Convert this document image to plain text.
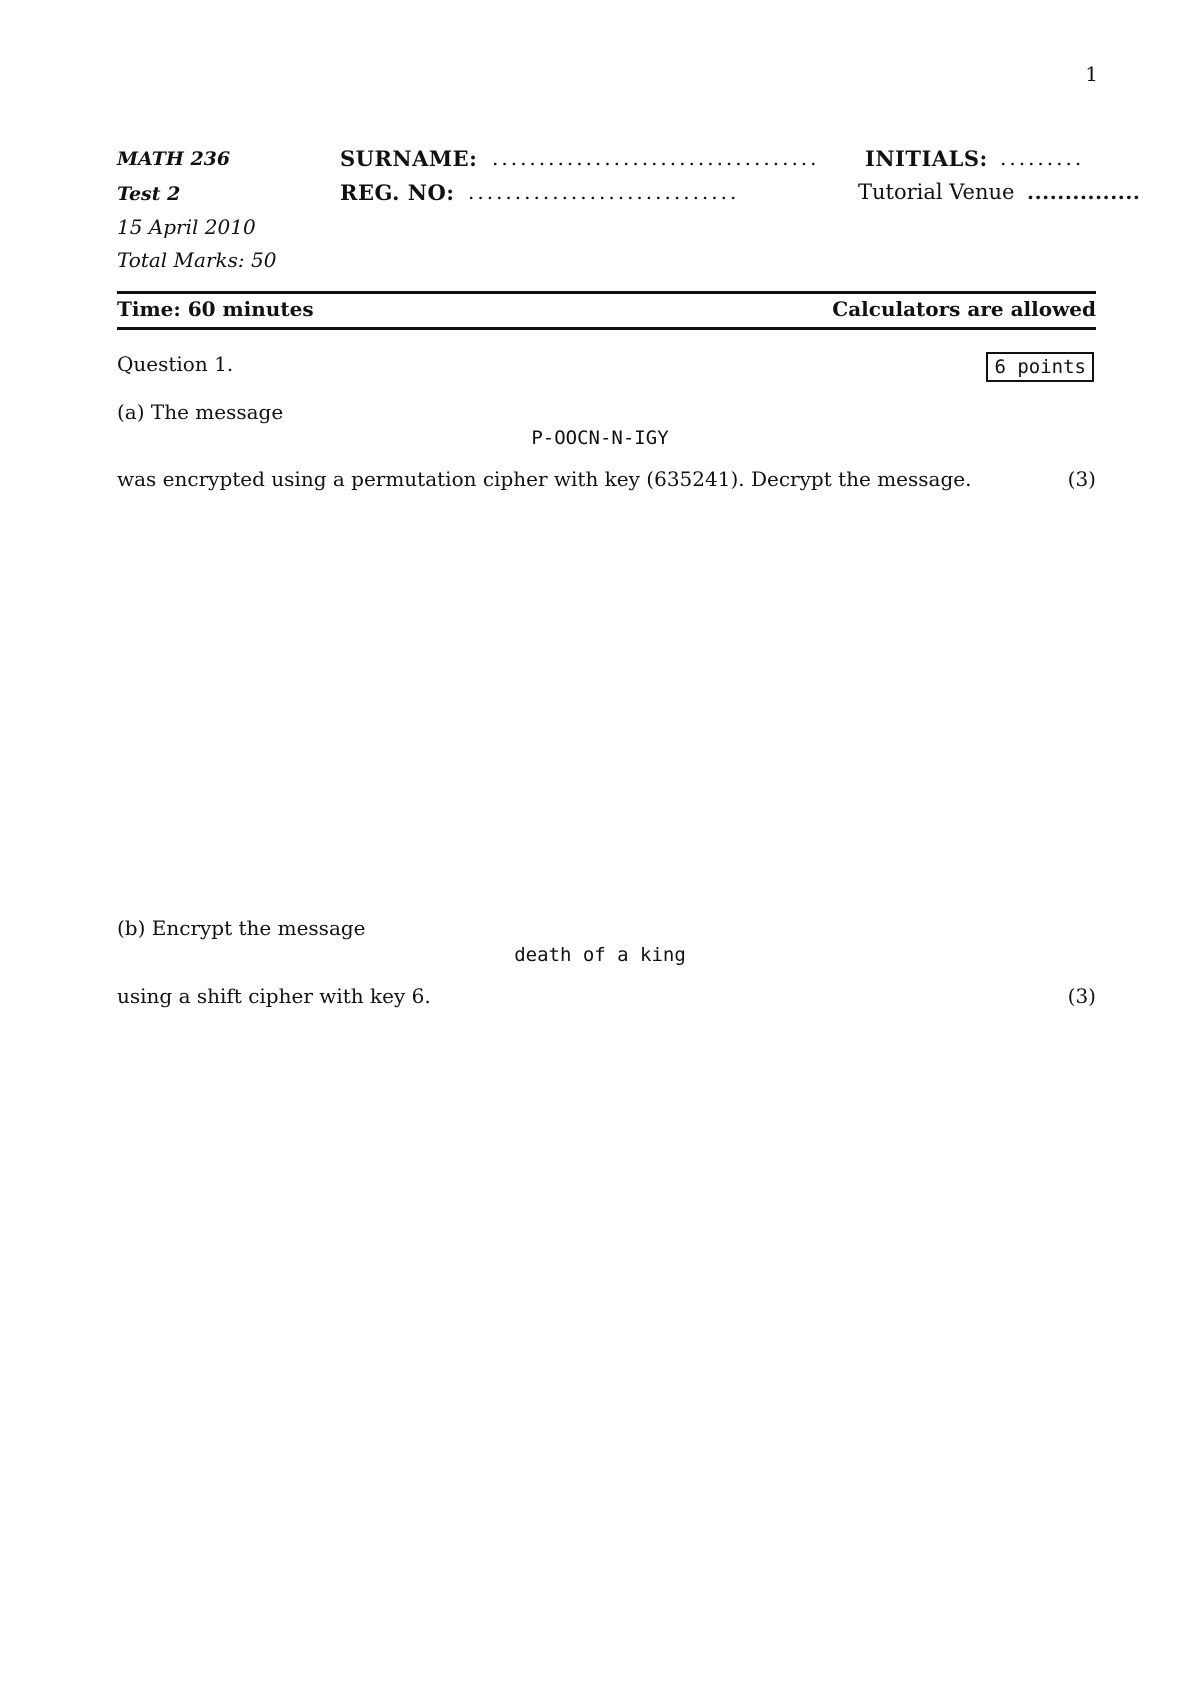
1
MATH 236
Test 2
15 April 2010
Total Marks: 50
SURNAME: ................................... INITIALS: .........
REG. NO: .............................	Tutorial Venue ...............
Time: 60 minutes	Calculators are allowed
Question 1.	6 points
(a) The message
P-OOCN-N-IGY
was encrypted using a permutation cipher with key (635241). Decrypt the message.	(3)
(b) Encrypt the message
death of a king
using a shift cipher with key 6.	(3)
